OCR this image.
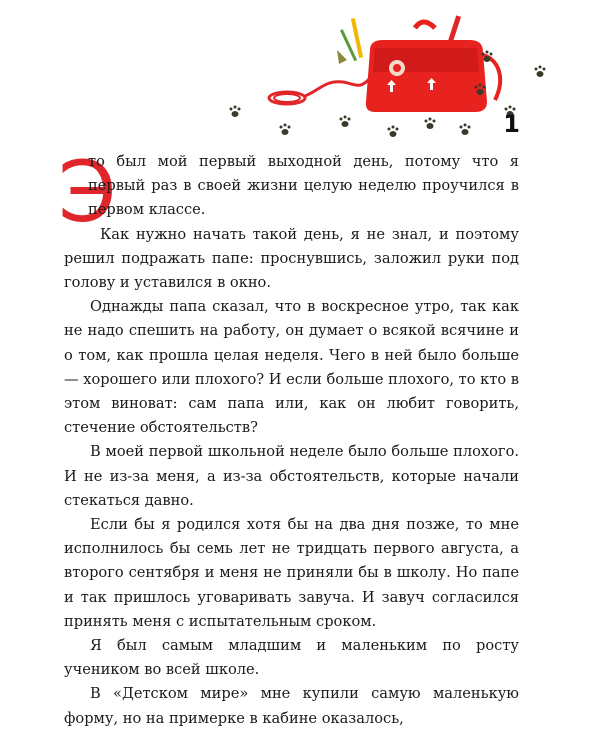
1
Э

то был мой первый выходной день, потому что я первый раз в своей жизни целую неделю проучился в первом классе.

Как нужно начать такой день, я не знал, и поэтому решил подражать папе: проснувшись, заложил руки под голову и уставился в окно.

Однажды папа сказал, что в воскресное утро, так как не надо спешить на работу, он думает о всякой всячине и о том, как прошла целая неделя. Чего в ней было больше — хорошего или плохого? И если больше плохого, то кто в этом виноват: сам папа или, как он любит говорить, стечение обстоятельств?

В моей первой школьной неделе было больше плохого. И не из-за меня, а из-за обстоятельств, которые начали стекаться давно.

Если бы я родился хотя бы на два дня позже, то мне исполнилось бы семь лет не тридцать первого августа, а второго сентября и меня не приняли бы в школу. Но папе и так пришлось уговаривать завуча. И завуч согласился принять меня с испытательным сроком.

Я был самым младшим и маленьким по росту учеником во всей школе.

В «Детском мире» мне купили самую маленькую форму, но на примерке в кабине оказалось,
